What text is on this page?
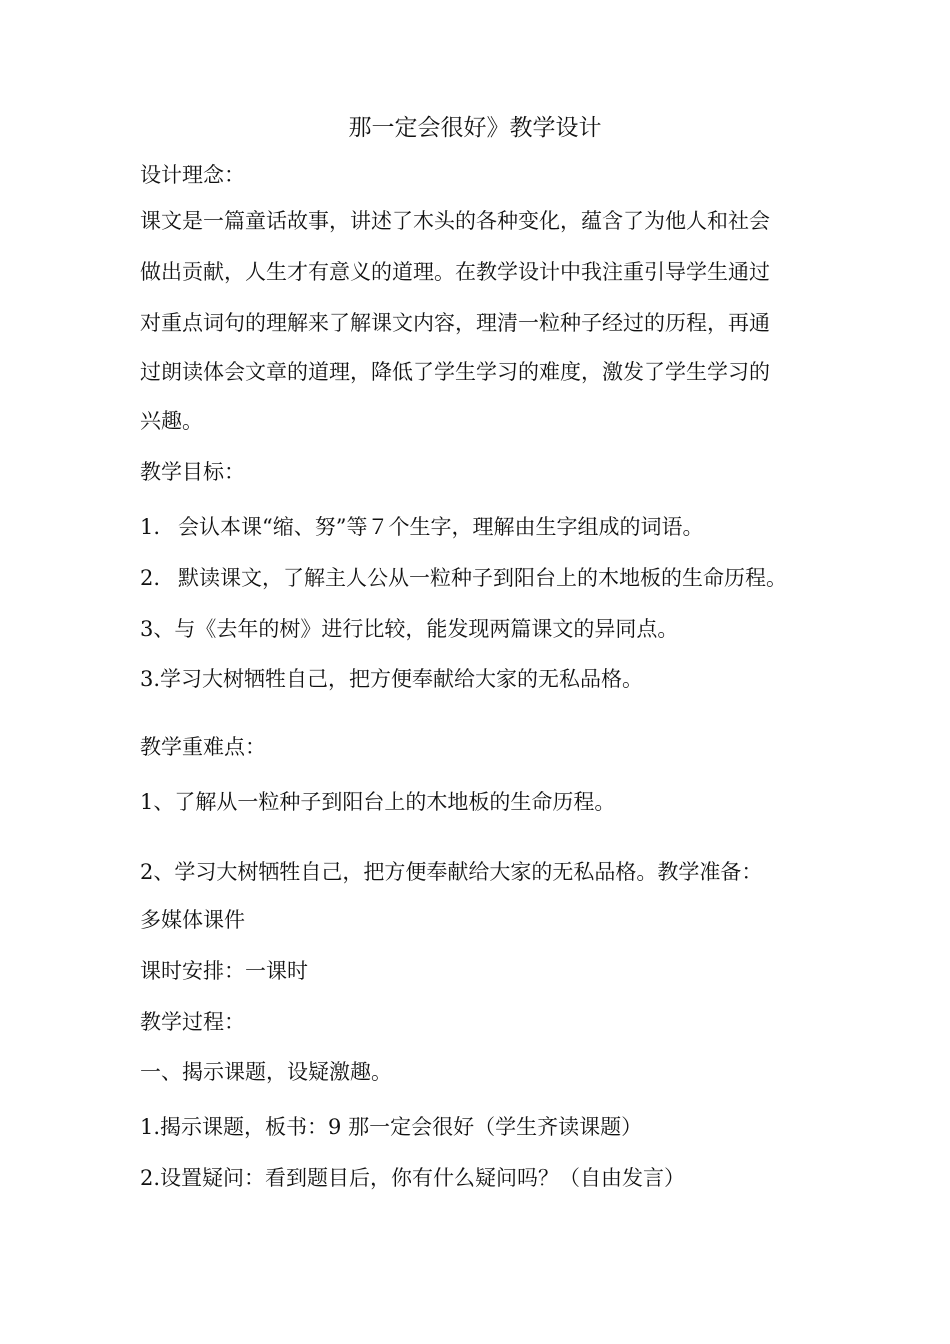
那一定会很好》教学设计
设计理念：
课文是一篇童话故事，讲述了木头的各种变化，蕴含了为他人和社会
做出贡献，人生才有意义的道理。在教学设计中我注重引导学生通过
对重点词句的理解来了解课文内容，理清一粒种子经过的历程，再通
过朗读体会文章的道理，降低了学生学习的难度，激发了学生学习的
兴趣。
教学目标：
1. 会认本课“缩、努”等７个生字，理解由生字组成的词语。
2. 默读课文，了解主人公从一粒种子到阳台上的木地板的生命历程。
3、与《去年的树》进行比较，能发现两篇课文的异同点。
3.学习大树牺牲自己，把方便奉献给大家的无私品格。
教学重难点：
1、了解从一粒种子到阳台上的木地板的生命历程。
2、学习大树牺牲自己，把方便奉献给大家的无私品格。教学准备：
多媒体课件
课时安排：一课时
教学过程：
一、揭示课题，设疑激趣。
1.揭示课题，板书：9 那一定会很好（学生齐读课题）
2.设置疑问：看到题目后，你有什么疑问吗？（自由发言）
